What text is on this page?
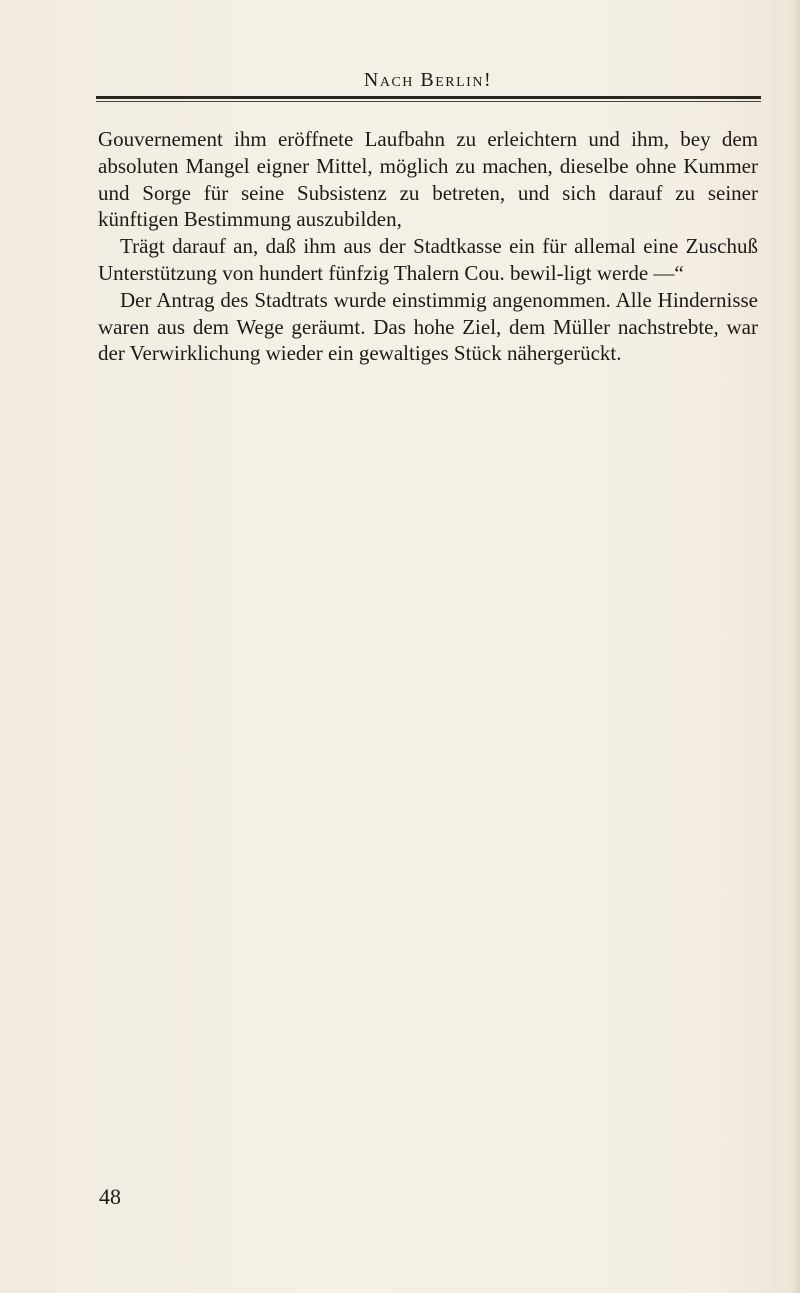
Nach Berlin!

Gouvernement ihm eröffnete Laufbahn zu erleichtern und ihm, bey dem absoluten Mangel eigner Mittel, möglich zu machen, dieselbe ohne Kummer und Sorge für seine Subsistenz zu betreten, und sich darauf zu seiner künftigen Bestimmung auszubilden,

Trägt darauf an, daß ihm aus der Stadtkasse ein für allemal eine Zuschuß Unterstützung von hundert fünfzig Thalern Cou. bewil-ligt werde —“

Der Antrag des Stadtrats wurde einstimmig angenommen. Alle Hindernisse waren aus dem Wege geräumt. Das hohe Ziel, dem Müller nachstrebte, war der Verwirklichung wieder ein gewaltiges Stück nähergerückt.

48
